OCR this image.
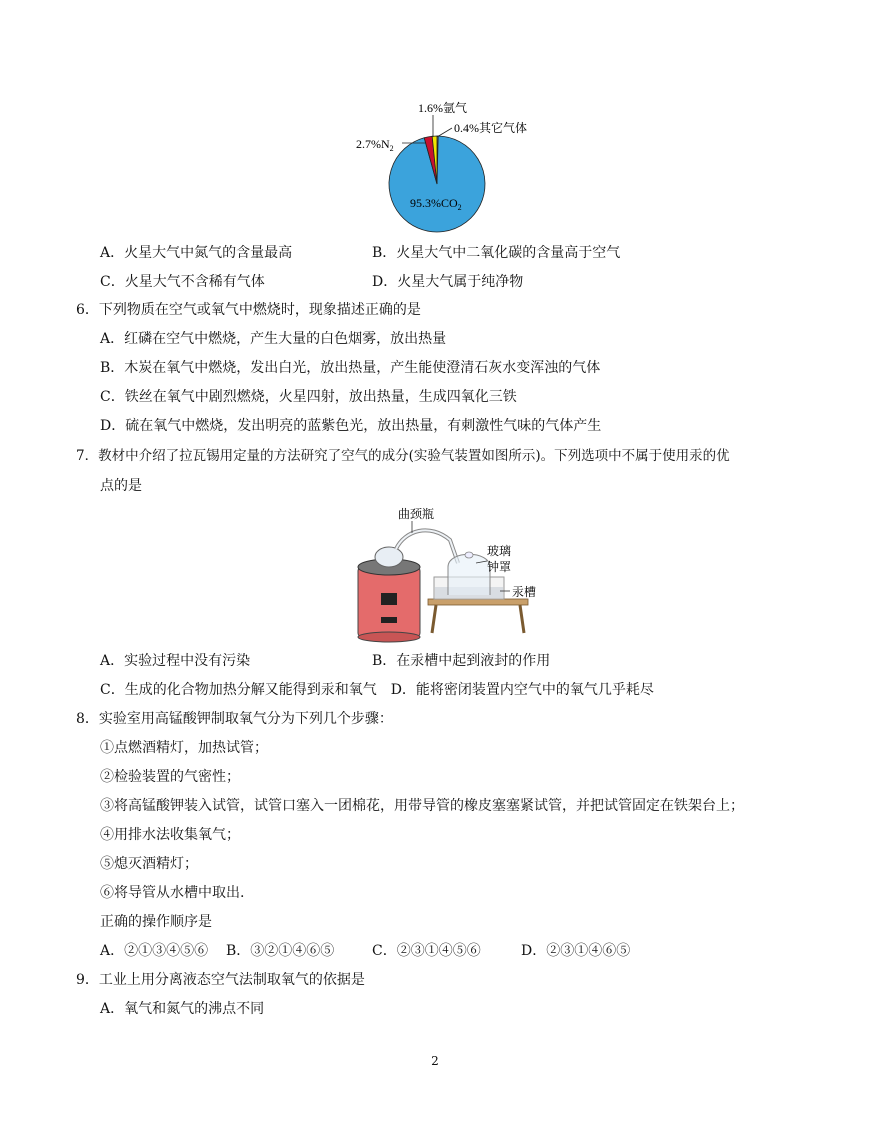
1.6%氩气
0.4%其它气体
$2.7\%N_2$
$95.3\%CO_2$
A．火星大气中氮气的含量最高	B．火星大气中二氧化碳的含量高于空气
C．火星大气不含稀有气体	D．火星大气属于纯净物
6．下列物质在空气或氧气中燃烧时，现象描述正确的是
A．红磷在空气中燃烧，产生大量的白色烟雾，放出热量
B．木炭在氧气中燃烧，发出白光，放出热量，产生能使澄清石灰水变浑浊的气体
C．铁丝在氧气中剧烈燃烧，火星四射，放出热量，生成四氧化三铁
D．硫在氧气中燃烧，发出明亮的蓝紫色光，放出热量，有刺激性气味的气体产生
7．教材中介绍了拉瓦锡用定量的方法研究了空气的成分(实验气装置如图所示)。下列选项中不属于使用汞的优
点的是
曲颈瓶
玻璃
钟罩
汞槽
A．实验过程中没有污染	B．在汞槽中起到液封的作用
C．生成的化合物加热分解又能得到汞和氧气　D．能将密闭装置内空气中的氧气几乎耗尽
8．实验室用高锰酸钾制取氧气分为下列几个步骤：
①点燃酒精灯，加热试管；
②检验装置的气密性；
③将高锰酸钾装入试管，试管口塞入一团棉花，用带导管的橡皮塞塞紧试管，并把试管固定在铁架台上；
④用排水法收集氧气；
⑤熄灭酒精灯；
⑥将导管从水槽中取出.
正确的操作顺序是
A．②①③④⑤⑥ B．③②①④⑥⑤	C．②③①④⑤⑥	D．②③①④⑥⑤
9．工业上用分离液态空气法制取氧气的依据是
A．氧气和氮气的沸点不同
2
